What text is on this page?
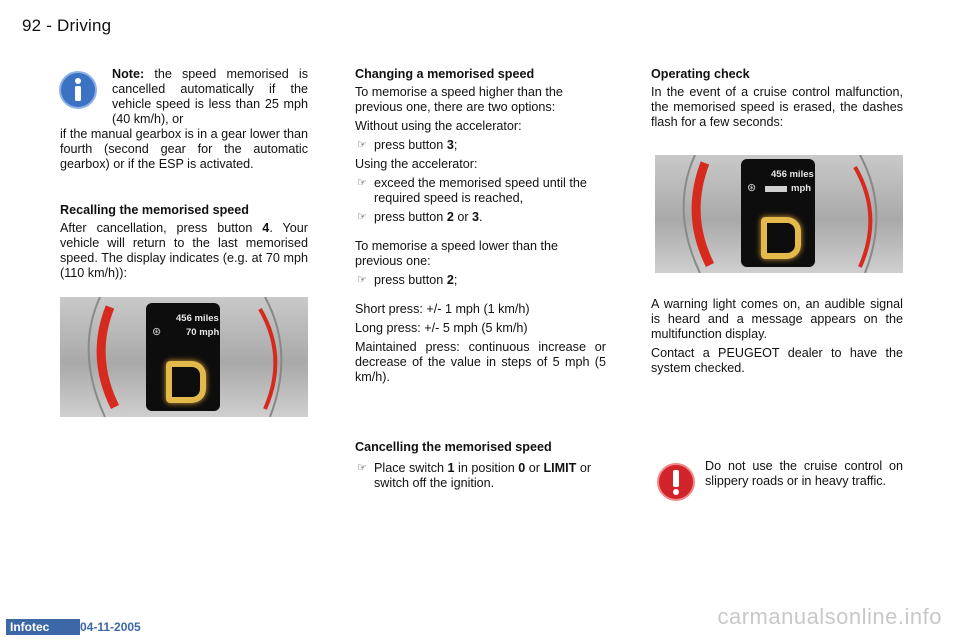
92 - Driving
Note: the speed memorised is cancelled automatically if the vehicle speed is less than 25 mph (40 km/h), or
if the manual gearbox is in a gear lower than fourth (second gear for the automatic gearbox) or if the ESP is activated.
Recalling the memorised speed

After cancellation, press button 4. Your vehicle will return to the last memorised speed. The display indicates (e.g. at 70 mph (110 km/h)):

456 miles
70 mph
⊛
Changing a memorised speed

To memorise a speed higher than the previous one, there are two options:

Without using the accelerator:

☞ press button 3;

Using the accelerator:

☞ exceed the memorised speed until the required speed is reached,
☞ press button 2 or 3.

To memorise a speed lower than the previous one:

☞ press button 2;

Short press: +/- 1 mph (1 km/h)

Long press: +/- 5 mph (5 km/h)

Maintained press: continuous increase or decrease of the value in steps of 5 mph (5 km/h).

Cancelling the memorised speed
☞ Place switch 1 in position 0 or LIMIT or switch off the ignition.
Operating check

In the event of a cruise control malfunction, the memorised speed is erased, the dashes flash for a few seconds:

456 miles
mph
⊛

A warning light comes on, an audible signal is heard and a message appears on the multifunction display.

Contact a PEUGEOT dealer to have the system checked.

Do not use the cruise control on slippery roads or in heavy traffic.
Infotec	04-11-2005	carmanualsonline.info
